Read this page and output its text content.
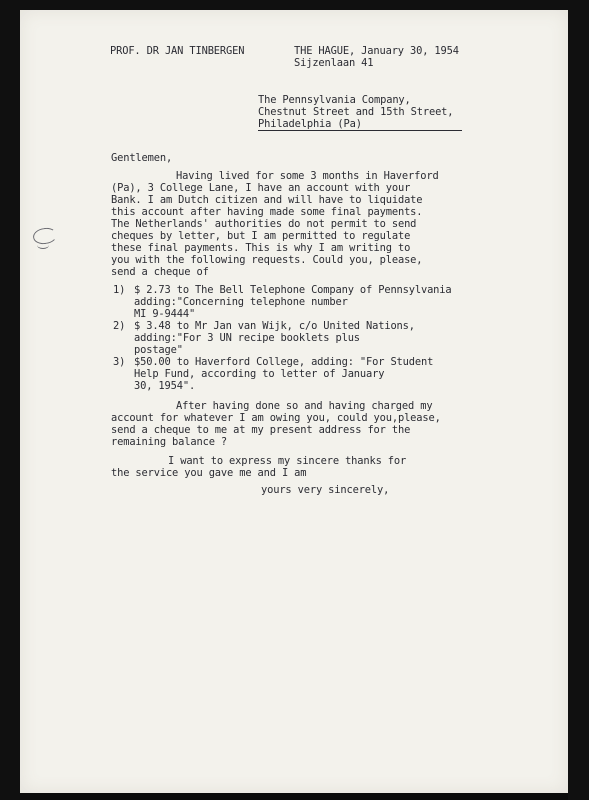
PROF. DR JAN TINBERGEN	THE HAGUE, January 30, 1954
Sijzenlaan 41
The Pennsylvania Company,
Chestnut Street and 15th Street,
Philadelphia (Pa)
Gentlemen,
Having lived for some 3 months in Haverford
(Pa), 3 College Lane, I have an account with your
Bank. I am Dutch citizen and will have to liquidate
this account after having made some final payments.
The Netherlands' authorities do not permit to send
cheques by letter, but I am permitted to regulate
these final payments. This is why I am writing to
you with the following requests. Could you, please,
send a cheque of
1) $ 2.73 to The Bell Telephone Company of Pennsylvania
adding:"Concerning telephone number
MI 9-9444"
2) $ 3.48 to Mr Jan van Wijk, c/o United Nations,
adding:"For 3 UN recipe booklets plus
postage"
3) $50.00 to Haverford College, adding: "For Student
Help Fund, according to letter of January
30, 1954".
After having done so and having charged my
account for whatever I am owing you, could you,please,
send a cheque to me at my present address for the
remaining balance ?
I want to express my sincere thanks for
the service you gave me and I am
yours very sincerely,
